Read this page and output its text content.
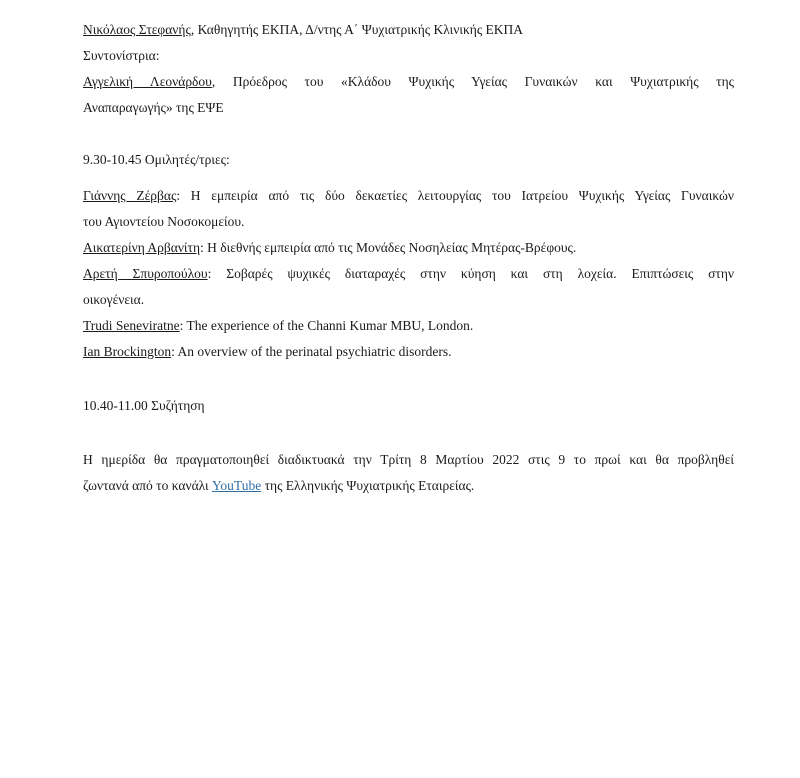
Νικόλαος Στεφανής, Καθηγητής ΕΚΠΑ, Δ/ντης Α΄ Ψυχιατρικής Κλινικής ΕΚΠΑ
Συντονίστρια:
Αγγελική Λεονάρδου, Πρόεδρος του «Κλάδου Ψυχικής Υγείας Γυναικών και Ψυχιατρικής της
Αναπαραγωγής» της ΕΨΕ
9.30-10.45 Ομιλητές/τριες:
Γιάννης Ζέρβας: Η εμπειρία από τις δύο δεκαετίες λειτουργίας του Ιατρείου Ψυχικής Υγείας Γυναικών
του Αγιοντείου Νοσοκομείου.
Αικατερίνη Αρβανίτη: Η διεθνής εμπειρία από τις Μονάδες Νοσηλείας Μητέρας-Βρέφους.
Αρετή Σπυροπούλου: Σοβαρές ψυχικές διαταραχές στην κύηση και στη λοχεία. Επιπτώσεις στην
οικογένεια.
Trudi Seneviratne: The experience of the Channi Kumar MBU, London.
Ian Brockington: An overview of the perinatal psychiatric disorders.
10.40-11.00 Συζήτηση
Η ημερίδα θα πραγματοποιηθεί διαδικτυακά την Τρίτη 8 Μαρτίου 2022 στις 9 το πρωί και θα προβληθεί
ζωντανά από το κανάλι YouTube της Ελληνικής Ψυχιατρικής Εταιρείας.
